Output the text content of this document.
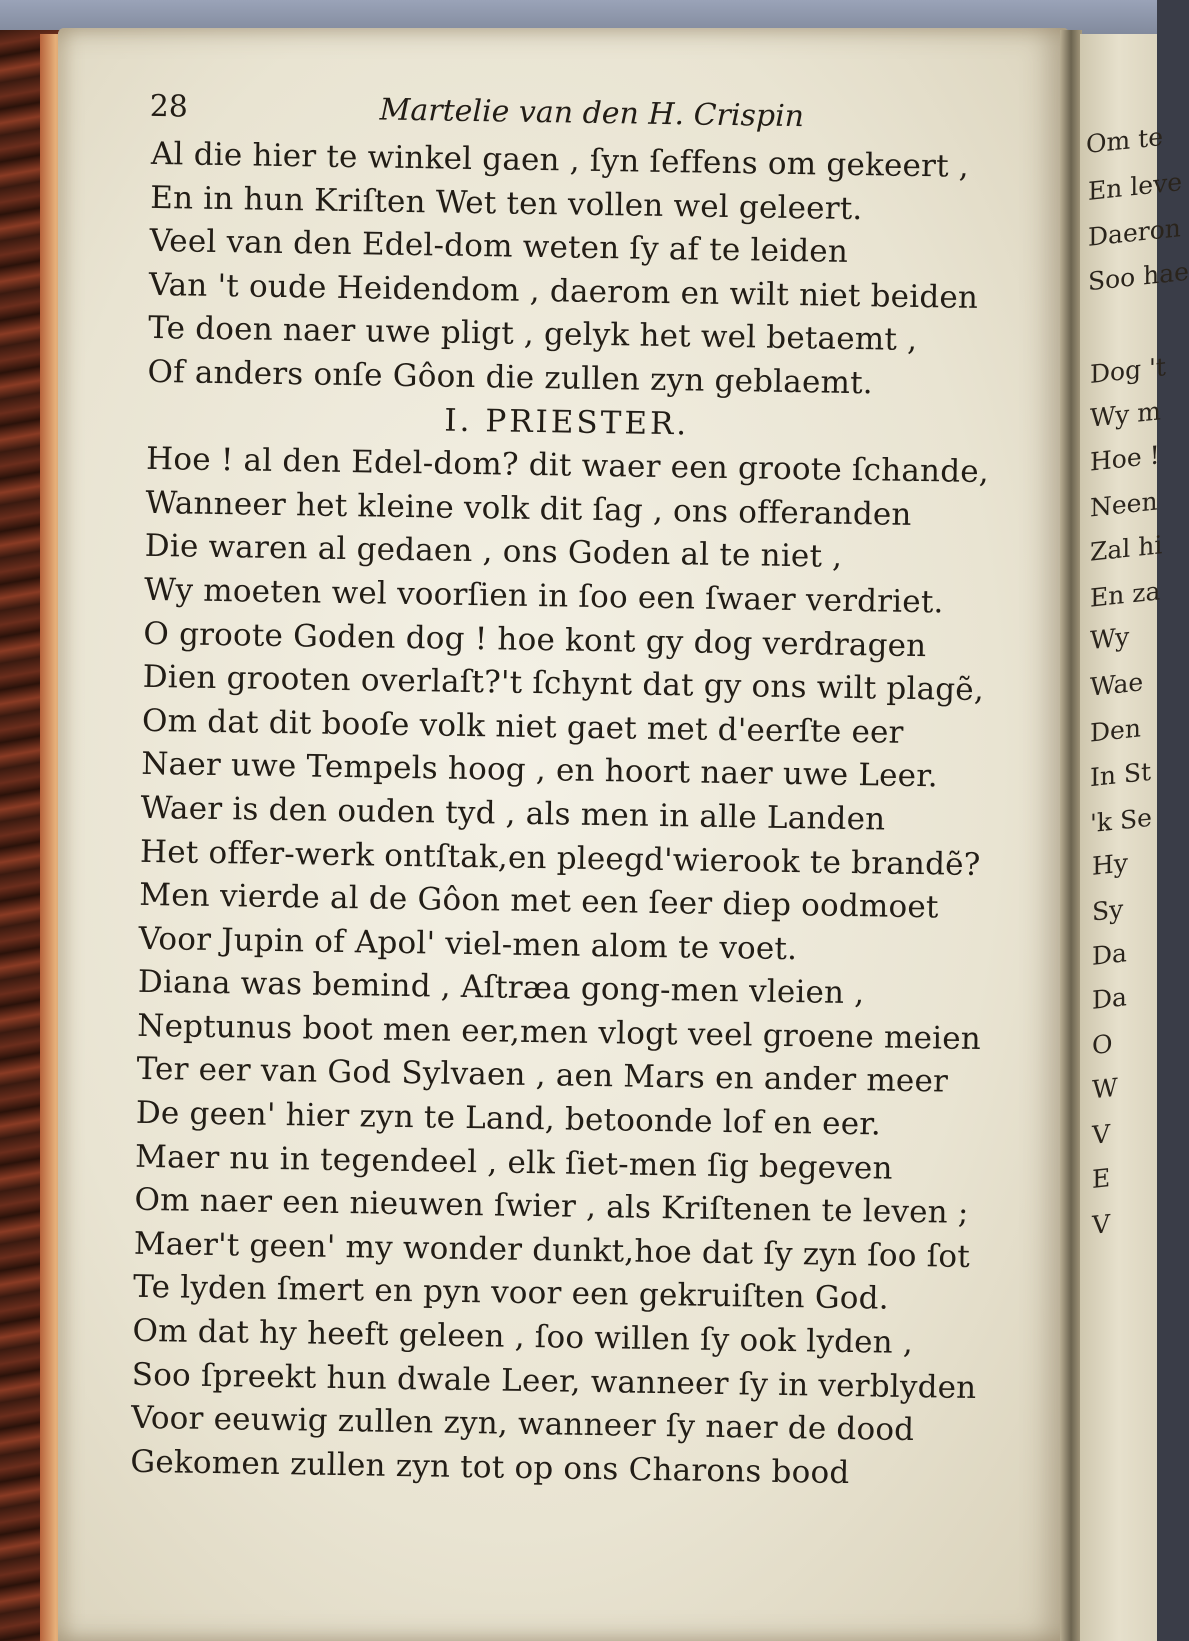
Om te
En leve
Daeron
Soo hae
Dog 't
Wy m
Hoe !
Neen
Zal hi
En za
Wy
Wae
Den
In St
'k Se
Hy
Sy
Da
Da
O
W
V
E
V
28	Martelie van den H. Crispin
Al die hier te winkel gaen , ſyn ſeffens om gekeert ,
En in hun Kriſten Wet ten vollen wel geleert.
Veel van den Edel-dom weten ſy af te leiden
Van 't oude Heidendom , daerom en wilt niet beiden
Te doen naer uwe pligt , gelyk het wel betaemt ,
Of anders onſe Gôon die zullen zyn geblaemt.
I. PRIESTER.
Hoe ! al den Edel-dom? dit waer een groote ſchande,
Wanneer het kleine volk dit ſag , ons offeranden
Die waren al gedaen , ons Goden al te niet ,
Wy moeten wel voorſien in ſoo een ſwaer verdriet.
O groote Goden dog ! hoe kont gy dog verdragen
Dien grooten overlaſt?'t ſchynt dat gy ons wilt plagẽ,
Om dat dit booſe volk niet gaet met d'eerſte eer
Naer uwe Tempels hoog , en hoort naer uwe Leer.
Waer is den ouden tyd , als men in alle Landen
Het offer-werk ontſtak,en pleegd'wierook te brandẽ?
Men vierde al de Gôon met een ſeer diep oodmoet
Voor Jupin of Apol' viel-men alom te voet.
Diana was bemind , Aſtræa gong-men vleien ,
Neptunus boot men eer,men vlogt veel groene meien
Ter eer van God Sylvaen , aen Mars en ander meer
De geen' hier zyn te Land, betoonde lof en eer.
Maer nu in tegendeel , elk ſiet-men ſig begeven
Om naer een nieuwen ſwier , als Kriſtenen te leven ;
Maer't geen' my wonder dunkt,hoe dat ſy zyn ſoo ſot
Te lyden ſmert en pyn voor een gekruiſten God.
Om dat hy heeft geleen , ſoo willen ſy ook lyden ,
Soo ſpreekt hun dwale Leer, wanneer ſy in verblyden
Voor eeuwig zullen zyn, wanneer ſy naer de dood
Gekomen zullen zyn tot op ons Charons bood
